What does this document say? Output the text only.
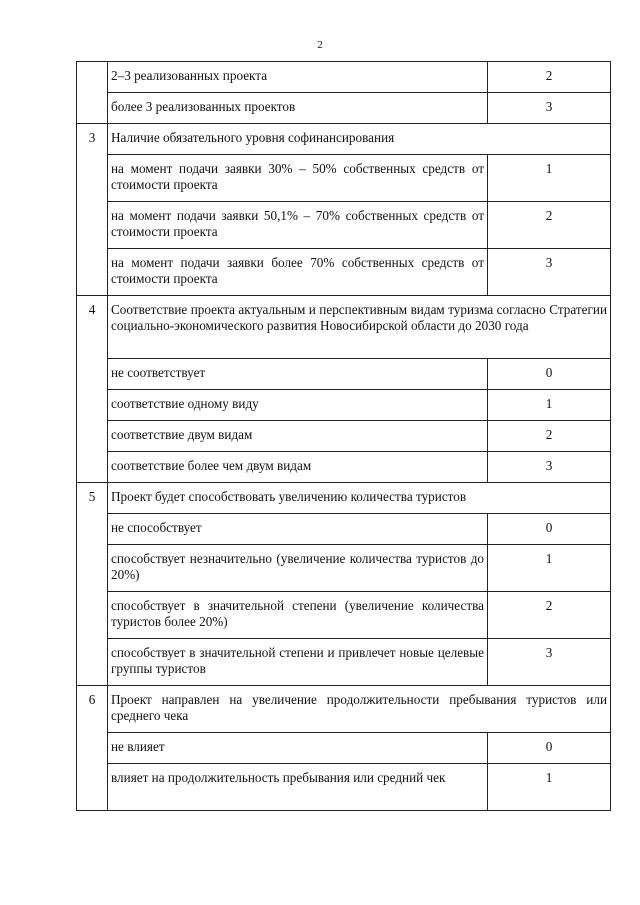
2
	2–3 реализованных проекта	2
	более 3 реализованных проектов	3
3	Наличие обязательного уровня софинансирования	
	на момент подачи заявки 30% – 50% собственных средств от стоимости проекта	1
	на момент подачи заявки 50,1% – 70% собственных средств от стоимости проекта	2
	на момент подачи заявки более 70% собственных средств от стоимости проекта	3
4	Соответствие проекта актуальным и перспективным видам туризма согласно Стратегии социально-экономического развития Новосибирской области до 2030 года	
	не соответствует	0
	соответствие одному виду	1
	соответствие двум видам	2
	соответствие более чем двум видам	3
5	Проект будет способствовать увеличению количества туристов	
	не способствует	0
	способствует незначительно (увеличение количества туристов до 20%)	1
	способствует в значительной степени (увеличение количества туристов более 20%)	2
	способствует в значительной степени и привлечет новые целевые группы туристов	3
6	Проект направлен на увеличение продолжительности пребывания туристов или среднего чека	
	не влияет	0
	влияет на продолжительность пребывания или средний чек	1
